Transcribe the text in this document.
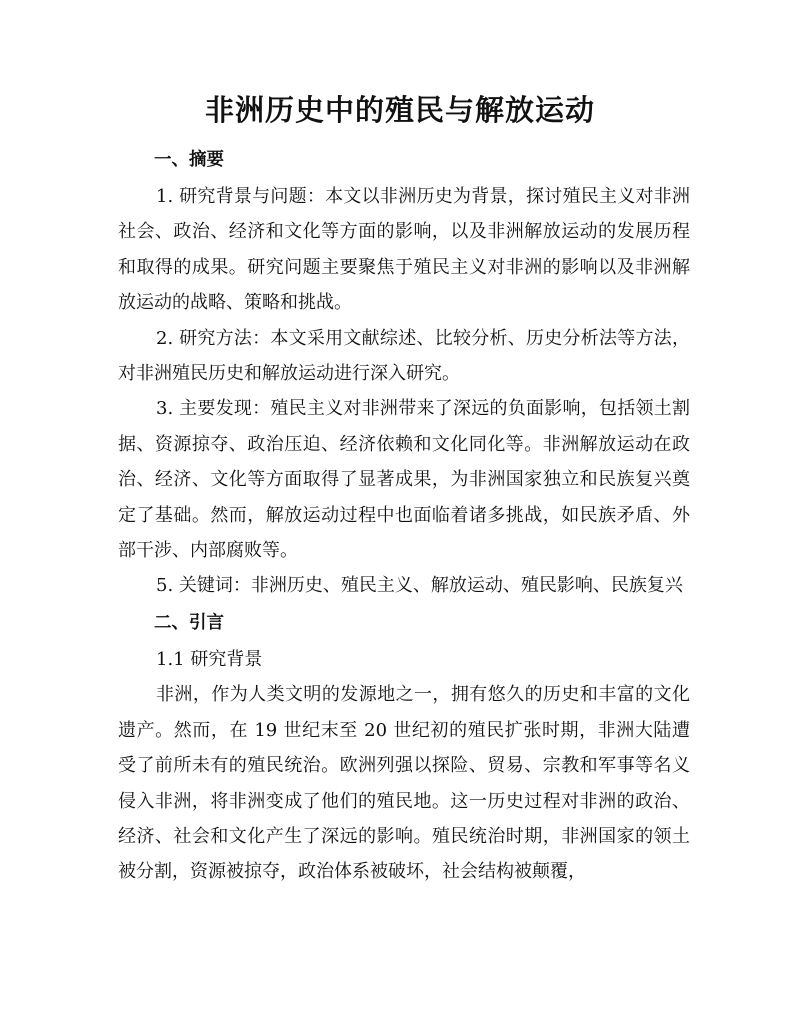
非洲历史中的殖民与解放运动
一、摘要

1. 研究背景与问题：本文以非洲历史为背景，探讨殖民主义对非洲社会、政治、经济和文化等方面的影响，以及非洲解放运动的发展历程和取得的成果。研究问题主要聚焦于殖民主义对非洲的影响以及非洲解放运动的战略、策略和挑战。

2. 研究方法：本文采用文献综述、比较分析、历史分析法等方法，对非洲殖民历史和解放运动进行深入研究。

3. 主要发现：殖民主义对非洲带来了深远的负面影响，包括领土割据、资源掠夺、政治压迫、经济依赖和文化同化等。非洲解放运动在政治、经济、文化等方面取得了显著成果，为非洲国家独立和民族复兴奠定了基础。然而，解放运动过程中也面临着诸多挑战，如民族矛盾、外部干涉、内部腐败等。

5. 关键词：非洲历史、殖民主义、解放运动、殖民影响、民族复兴

二、引言

1.1 研究背景

非洲，作为人类文明的发源地之一，拥有悠久的历史和丰富的文化遗产。然而，在 19 世纪末至 20 世纪初的殖民扩张时期，非洲大陆遭受了前所未有的殖民统治。欧洲列强以探险、贸易、宗教和军事等名义侵入非洲，将非洲变成了他们的殖民地。这一历史过程对非洲的政治、经济、社会和文化产生了深远的影响。殖民统治时期，非洲国家的领土被分割，资源被掠夺，政治体系被破坏，社会结构被颠覆，
